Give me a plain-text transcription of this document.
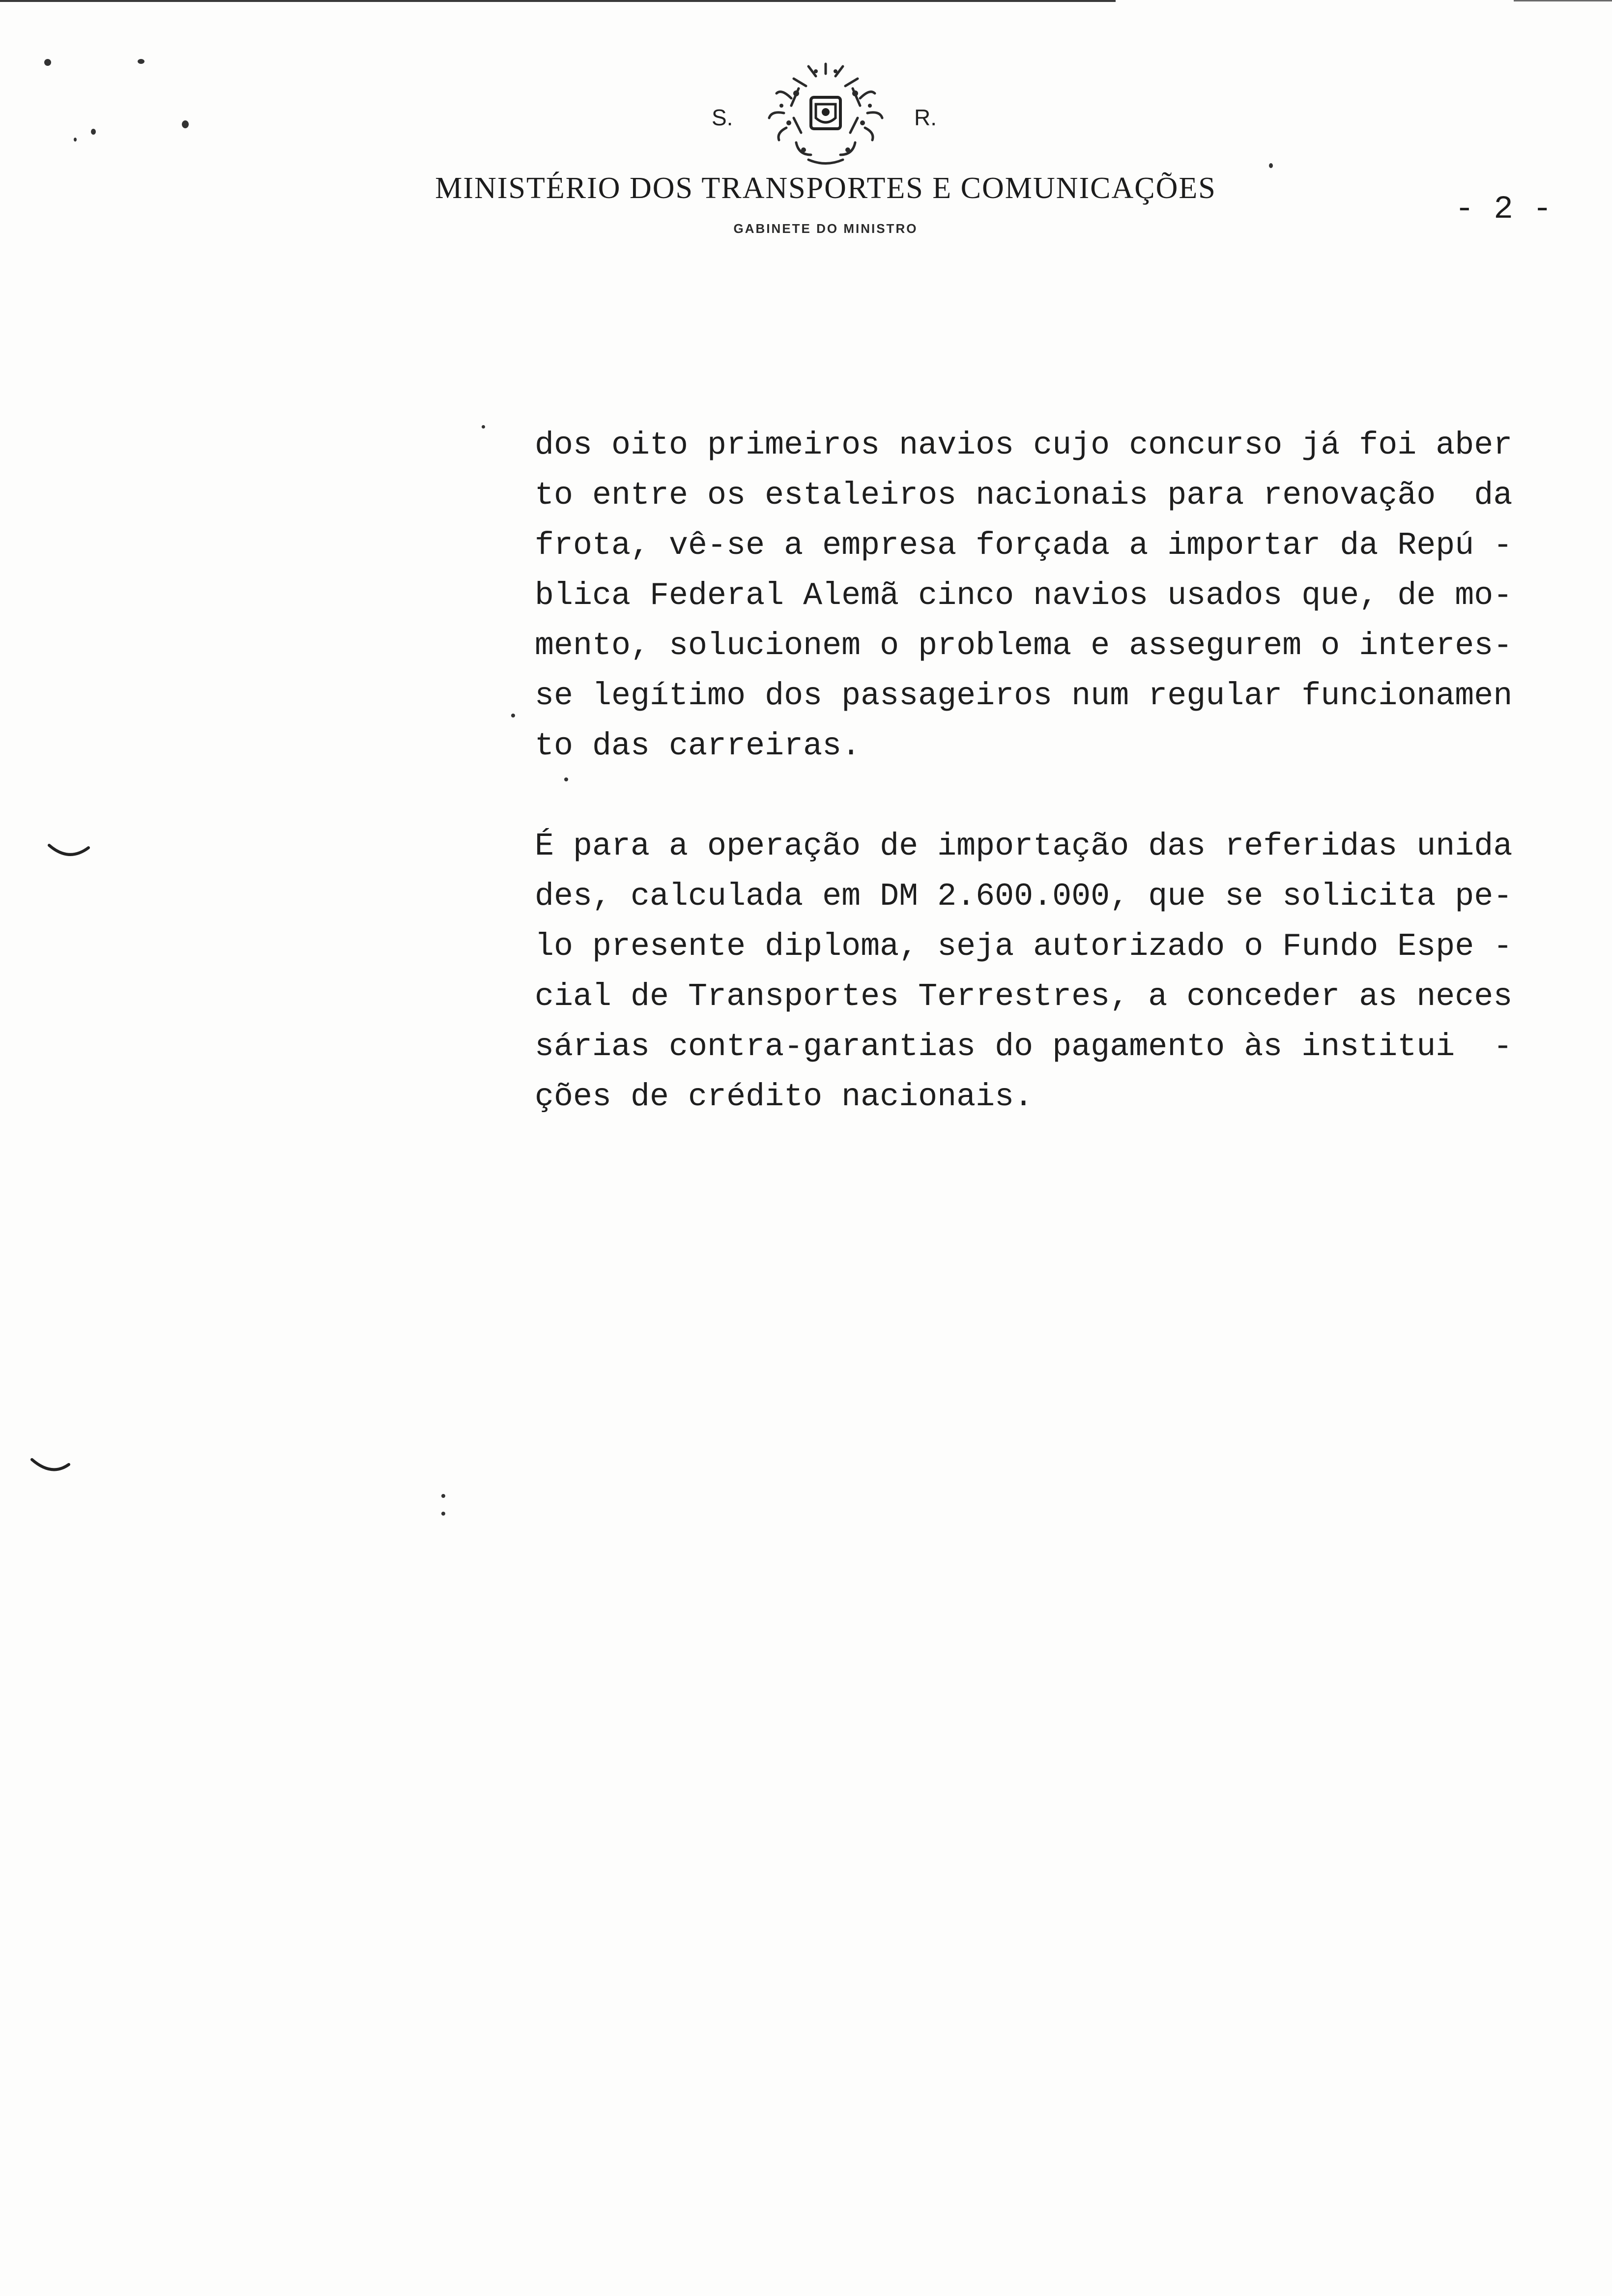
S.	R.
MINISTÉRIO DOS TRANSPORTES E COMUNICAÇÕES
GABINETE DO MINISTRO
- 2 -
dos oito primeiros navios cujo concurso já foi aber
to entre os estaleiros nacionais para renovação  da
frota, vê-se a empresa forçada a importar da Repú -
blica Federal Alemã cinco navios usados que, de mo-
mento, solucionem o problema e assegurem o interes-
se legítimo dos passageiros num regular funcionamen
to das carreiras.
É para a operação de importação das referidas unida
des, calculada em DM 2.600.000, que se solicita pe-
lo presente diploma, seja autorizado o Fundo Espe -
cial de Transportes Terrestres, a conceder as neces
sárias contra-garantias do pagamento às institui  -
ções de crédito nacionais.
